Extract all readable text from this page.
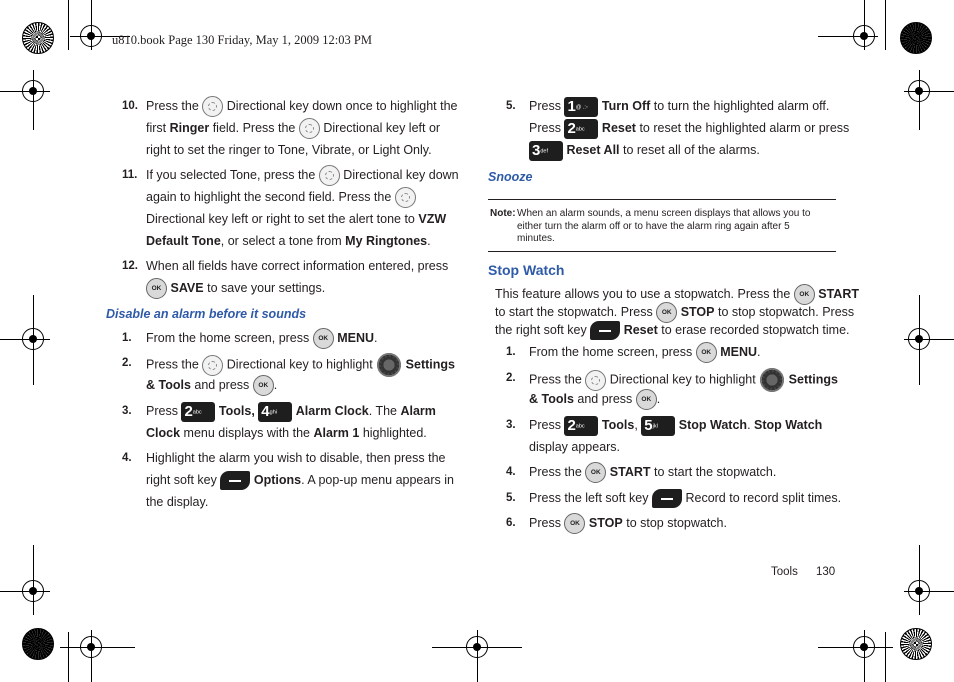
u810.book Page 130 Friday, May 1, 2009 12:03 PM
10. Press the Directional key down once to highlight the
first Ringer field. Press the Directional key left or
right to set the ringer to Tone, Vibrate, or Light Only.
11. If you selected Tone, press the Directional key down
again to highlight the second field. Press the
Directional key left or right to set the alert tone to VZW
Default Tone, or select a tone from My Ringtones.
12. When all fields have correct information entered, press
OK SAVE to save your settings.
Disable an alarm before it sounds
1. From the home screen, press OK MENU.
2. Press the Directional key to highlight	Settings
& Tools and press OK .
3. Press 2abc Tools, 4ghi Alarm Clock. The Alarm
Clock menu displays with the Alarm 1 highlighted.
4. Highlight the alarm you wish to disable, then press the
right soft key	Options. A pop-up menu appears in
the display.
5. Press 1@ .:◦ Turn Off to turn the highlighted alarm off.
Press 2abc Reset to reset the highlighted alarm or press
3def Reset All to reset all of the alarms.
Snooze
Note: When an alarm sounds, a menu screen displays that allows you to
either turn the alarm off or to have the alarm ring again after 5
minutes.
Stop Watch
This feature allows you to use a stopwatch. Press the OK START
to start the stopwatch. Press OK STOP to stop stopwatch. Press
the right soft key	Reset to erase recorded stopwatch time.
1. From the home screen, press OK MENU.
2. Press the Directional key to highlight	Settings
& Tools and press OK .
3. Press 2abc Tools, 5jkl Stop Watch. Stop Watch
display appears.
4. Press the OK START to start the stopwatch.
5. Press the left soft key	Record to record split times.
6. Press OK STOP to stop stopwatch.
Tools 130
